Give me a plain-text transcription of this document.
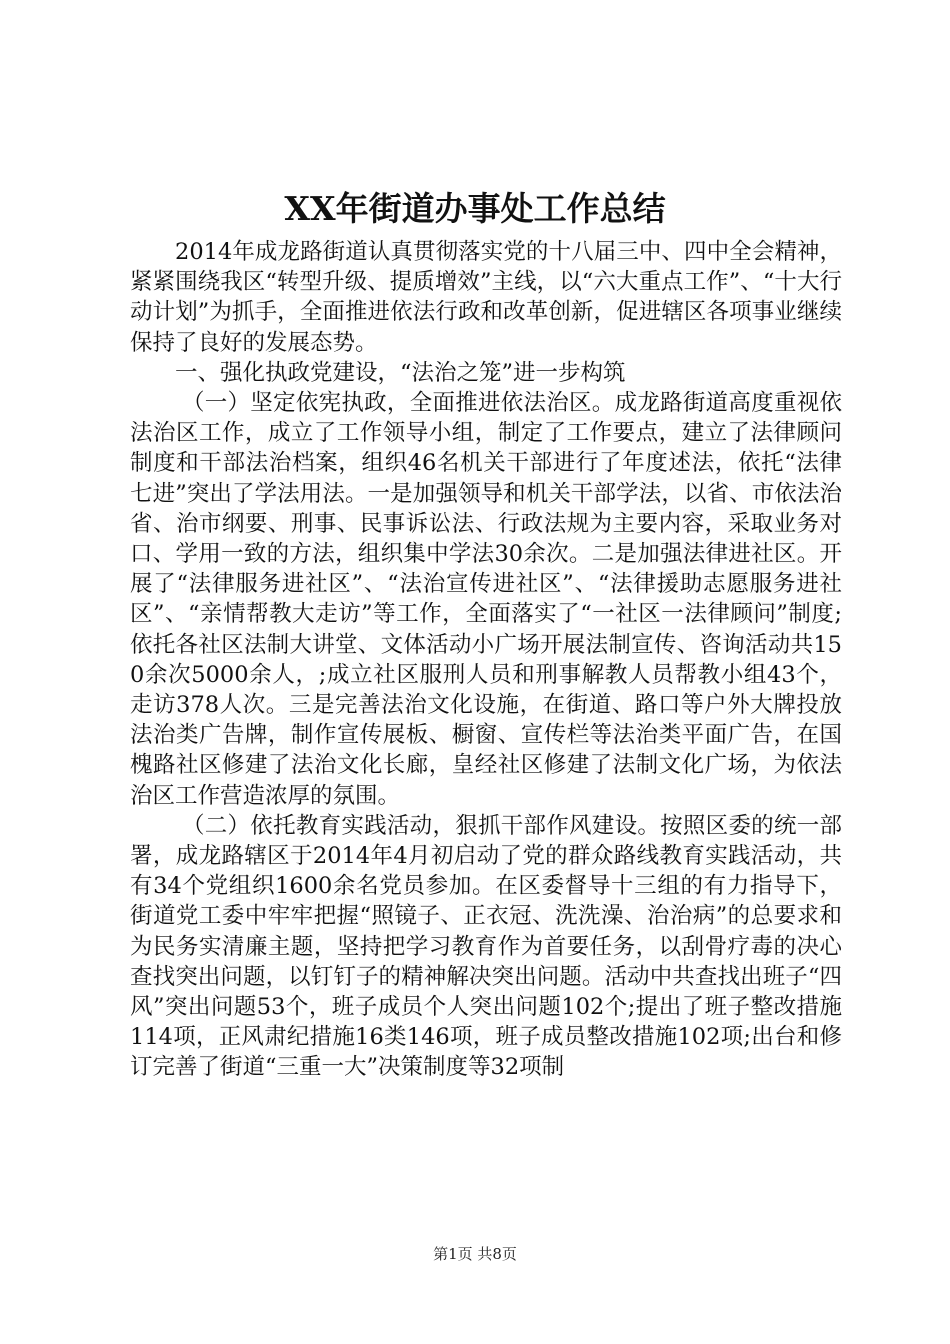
XX年街道办事处工作总结

2014年成龙路街道认真贯彻落实党的十八届三中、四中全会精神，紧紧围绕我区“转型升级、提质增效”主线，以“六大重点工作”、“十大行动计划”为抓手，全面推进依法行政和改革创新，促进辖区各项事业继续保持了良好的发展态势。

一、强化执政党建设，“法治之笼”进一步构筑

（一）坚定依宪执政，全面推进依法治区。成龙路街道高度重视依法治区工作，成立了工作领导小组，制定了工作要点，建立了法律顾问制度和干部法治档案，组织46名机关干部进行了年度述法，依托“法律七进”突出了学法用法。一是加强领导和机关干部学法，以省、市依法治省、治市纲要、刑事、民事诉讼法、行政法规为主要内容，采取业务对口、学用一致的方法，组织集中学法30余次。二是加强法律进社区。开展了“法律服务进社区”、“法治宣传进社区”、“法律援助志愿服务进社区”、“亲情帮教大走访”等工作，全面落实了“一社区一法律顾问”制度;依托各社区法制大讲堂、文体活动小广场开展法制宣传、咨询活动共150余次5000余人，;成立社区服刑人员和刑事解教人员帮教小组43个，走访378人次。三是完善法治文化设施，在街道、路口等户外大牌投放法治类广告牌，制作宣传展板、橱窗、宣传栏等法治类平面广告，在国槐路社区修建了法治文化长廊，皇经社区修建了法制文化广场，为依法治区工作营造浓厚的氛围。

（二）依托教育实践活动，狠抓干部作风建设。按照区委的统一部署，成龙路辖区于2014年4月初启动了党的群众路线教育实践活动，共有34个党组织1600余名党员参加。在区委督导十三组的有力指导下，街道党工委中牢牢把握“照镜子、正衣冠、洗洗澡、治治病”的总要求和为民务实清廉主题，坚持把学习教育作为首要任务，以刮骨疗毒的决心查找突出问题，以钉钉子的精神解决突出问题。活动中共查找出班子“四风”突出问题53个，班子成员个人突出问题102个;提出了班子整改措施114项，正风肃纪措施16类146项，班子成员整改措施102项;出台和修订完善了街道“三重一大”决策制度等32项制

第1页 共8页
